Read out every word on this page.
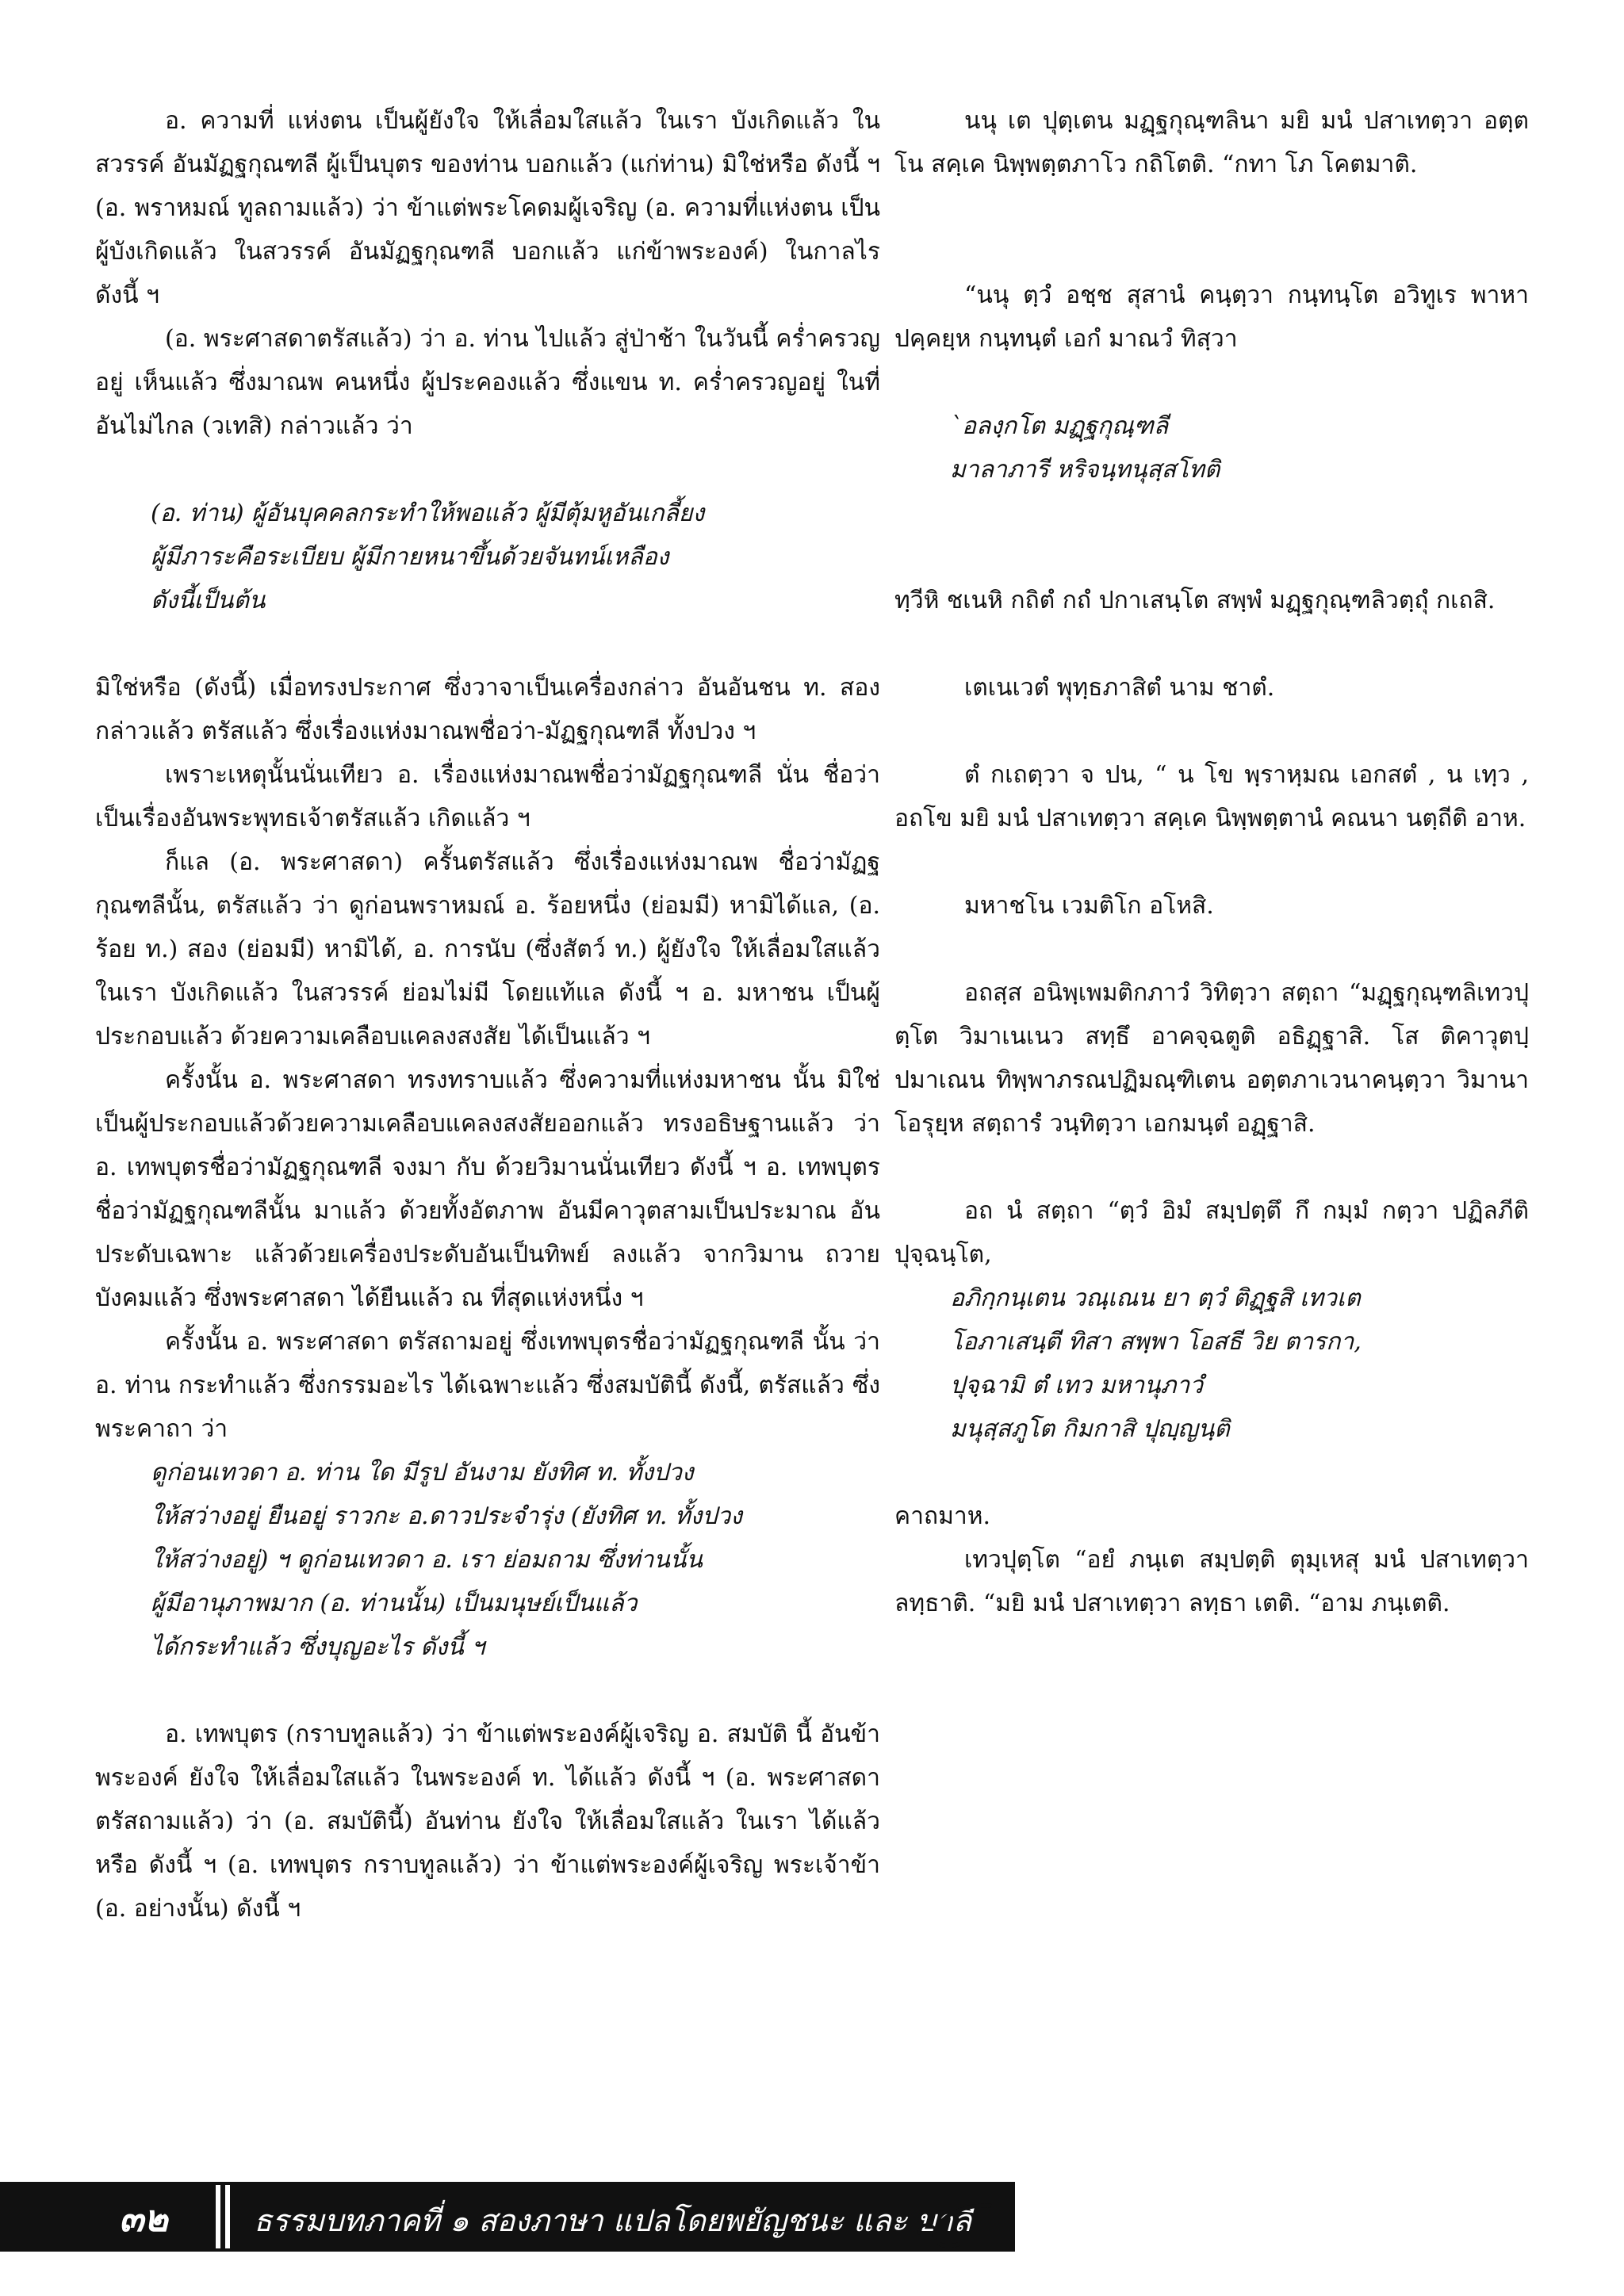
อ. ความที่ แห่งตน เป็นผู้ยังใจ ให้เลื่อมใสแล้ว ในเรา บังเกิดแล้ว ในสวรรค์ อันมัฏฐกุณฑลี ผู้เป็นบุตร ของท่าน บอกแล้ว (แก่ท่าน) มิใช่หรือ ดังนี้ ฯ (อ. พราหมณ์ ทูลถามแล้ว) ว่า ข้าแต่พระโคดมผู้เจริญ (อ. ความที่แห่งตน เป็นผู้บังเกิดแล้ว ในสวรรค์ อันมัฏฐกุณฑลี บอกแล้ว แก่ข้าพระองค์) ในกาลไร ดังนี้ ฯ

(อ. พระศาสดาตรัสแล้ว) ว่า อ. ท่าน ไปแล้ว สู่ป่าช้า ในวันนี้ คร่ำครวญอยู่ เห็นแล้ว ซึ่งมาณพ คนหนึ่ง ผู้ประคองแล้ว ซึ่งแขน ท. คร่ำครวญอยู่ ในที่อันไม่ไกล (วเทสิ) กล่าวแล้ว ว่า

(อ. ท่าน) ผู้อันบุคคลกระทำให้พอแล้ว ผู้มีตุ้มหูอันเกลี้ยง
ผู้มีภาระคือระเบียบ ผู้มีกายหนาขึ้นด้วยจันทน์เหลือง
ดังนี้เป็นต้น

มิใช่หรือ (ดังนี้) เมื่อทรงประกาศ ซึ่งวาจาเป็นเครื่องกล่าว อันอันชน ท. สอง กล่าวแล้ว ตรัสแล้ว ซึ่งเรื่องแห่งมาณพชื่อว่า-มัฏฐกุณฑลี ทั้งปวง ฯ

เพราะเหตุนั้นนั่นเทียว อ. เรื่องแห่งมาณพชื่อว่ามัฏฐกุณฑลี นั่น ชื่อว่าเป็นเรื่องอันพระพุทธเจ้าตรัสแล้ว เกิดแล้ว ฯ

ก็แล (อ. พระศาสดา) ครั้นตรัสแล้ว ซึ่งเรื่องแห่งมาณพ ชื่อว่ามัฏฐกุณฑลีนั้น, ตรัสแล้ว ว่า ดูก่อนพราหมณ์ อ. ร้อยหนึ่ง (ย่อมมี) หามิได้แล, (อ. ร้อย ท.) สอง (ย่อมมี) หามิได้, อ. การนับ (ซึ่งสัตว์ ท.) ผู้ยังใจ ให้เลื่อมใสแล้ว ในเรา บังเกิดแล้ว ในสวรรค์ ย่อมไม่มี โดยแท้แล ดังนี้ ฯ อ. มหาชน เป็นผู้ประกอบแล้ว ด้วยความเคลือบแคลงสงสัย ได้เป็นแล้ว ฯ

ครั้งนั้น อ. พระศาสดา ทรงทราบแล้ว ซึ่งความที่แห่งมหาชน นั้น มิใช่เป็นผู้ประกอบแล้วด้วยความเคลือบแคลงสงสัยออกแล้ว ทรงอธิษฐานแล้ว ว่า อ. เทพบุตรชื่อว่ามัฏฐกุณฑลี จงมา กับ ด้วยวิมานนั่นเทียว ดังนี้ ฯ อ. เทพบุตรชื่อว่ามัฏฐกุณฑลีนั้น มาแล้ว ด้วยทั้งอัตภาพ อันมีคาวุตสามเป็นประมาณ อันประดับเฉพาะ แล้วด้วยเครื่องประดับอันเป็นทิพย์ ลงแล้ว จากวิมาน ถวายบังคมแล้ว ซึ่งพระศาสดา ได้ยืนแล้ว ณ ที่สุดแห่งหนึ่ง ฯ

ครั้งนั้น อ. พระศาสดา ตรัสถามอยู่ ซึ่งเทพบุตรชื่อว่ามัฏฐกุณฑลี นั้น ว่า อ. ท่าน กระทำแล้ว ซึ่งกรรมอะไร ได้เฉพาะแล้ว ซึ่งสมบัตินี้ ดังนี้, ตรัสแล้ว ซึ่งพระคาถา ว่า

ดูก่อนเทวดา อ. ท่าน ใด มีรูป อันงาม ยังทิศ ท. ทั้งปวง
ให้สว่างอยู่ ยืนอยู่ ราวกะ อ.ดาวประจำรุ่ง (ยังทิศ ท. ทั้งปวง
ให้สว่างอยู่) ฯ ดูก่อนเทวดา อ. เรา ย่อมถาม ซึ่งท่านนั้น
ผู้มีอานุภาพมาก (อ. ท่านนั้น) เป็นมนุษย์เป็นแล้ว
ได้กระทำแล้ว ซึ่งบุญอะไร ดังนี้ ฯ

อ. เทพบุตร (กราบทูลแล้ว) ว่า ข้าแต่พระองค์ผู้เจริญ อ. สมบัติ นี้ อันข้าพระองค์ ยังใจ ให้เลื่อมใสแล้ว ในพระองค์ ท. ได้แล้ว ดังนี้ ฯ (อ. พระศาสดา ตรัสถามแล้ว) ว่า (อ. สมบัตินี้) อันท่าน ยังใจ ให้เลื่อมใสแล้ว ในเรา ได้แล้ว หรือ ดังนี้ ฯ (อ. เทพบุตร กราบทูลแล้ว) ว่า ข้าแต่พระองค์ผู้เจริญ พระเจ้าข้า (อ. อย่างนั้น) ดังนี้ ฯ

นนุ เต ปุตฺเตน มฏฺฐกุณฺฑลินา มยิ มนํ ปสาเทตฺวา อตฺตโน สคฺเค นิพฺพตฺตภาโว กถิโตติ. “กทา โภ โคตมาติ.

“นนุ ตฺวํ อชฺช สุสานํ คนฺตฺวา กนฺทนฺโต อวิทูเร พาหา ปคฺคยฺห กนฺทนฺตํ เอกํ มาณวํ ทิสฺวา

`อลงฺกโต มฏฺฐกุณฺฑลี
มาลาภารี หริจนฺทนุสฺสโทติ

ทฺวีหิ ชเนหิ กถิตํ กถํ ปกาเสนฺโต สพฺพํ มฏฺฐกุณฺฑลิวตฺถุํ กเถสิ.

เตเนเวตํ พุทฺธภาสิตํ นาม ชาตํ.

ตํ กเถตฺวา จ ปน, “ น โข พฺราหฺมณ เอกสตํ , น เทฺว , อถโข มยิ มนํ ปสาเทตฺวา สคฺเค นิพฺพตฺตานํ คณนา นตฺถีติ อาห.

มหาชโน เวมติโก อโหสิ.

อถสฺส อนิพฺเพมติกภาวํ วิทิตฺวา สตฺถา “มฏฺฐกุณฺฑลิเทวปุตฺโต วิมาเนเนว สทฺธึ อาคจฺฉตูติ อธิฏฺฐาสิ. โส ติคาวุตปฺปมาเณน ทิพฺพาภรณปฏิมณฺฑิเตน อตฺตภาเวนาคนฺตฺวา วิมานา โอรุยฺห สตฺถารํ วนฺทิตฺวา เอกมนฺตํ อฏฺฐาสิ.

อถ นํ สตฺถา “ตฺวํ อิมํ สมฺปตฺตึ กึ กมฺมํ กตฺวา ปฏิลภีติ ปุจฺฉนฺโต,

อภิกฺกนฺเตน วณฺเณน ยา ตฺวํ ติฏฺฐสิ เทวเต
โอภาเสนฺตี ทิสา สพฺพา โอสธี วิย ตารกา,
ปุจฺฉามิ ตํ เทว มหานุภาวํ
มนุสฺสภูโต กิมกาสิ ปุญฺญนฺติ

คาถมาห.

เทวปุตฺโต “อยํ ภนฺเต สมฺปตฺติ ตุมฺเหสุ มนํ ปสาเทตฺวา ลทฺธาติ. “มยิ มนํ ปสาเทตฺวา ลทฺธา เตติ. “อาม ภนฺเตติ.

๓๒	ธรรมบทภาคที่ ๑ สองภาษา แปลโดยพยัญชนะ และ บาลี
